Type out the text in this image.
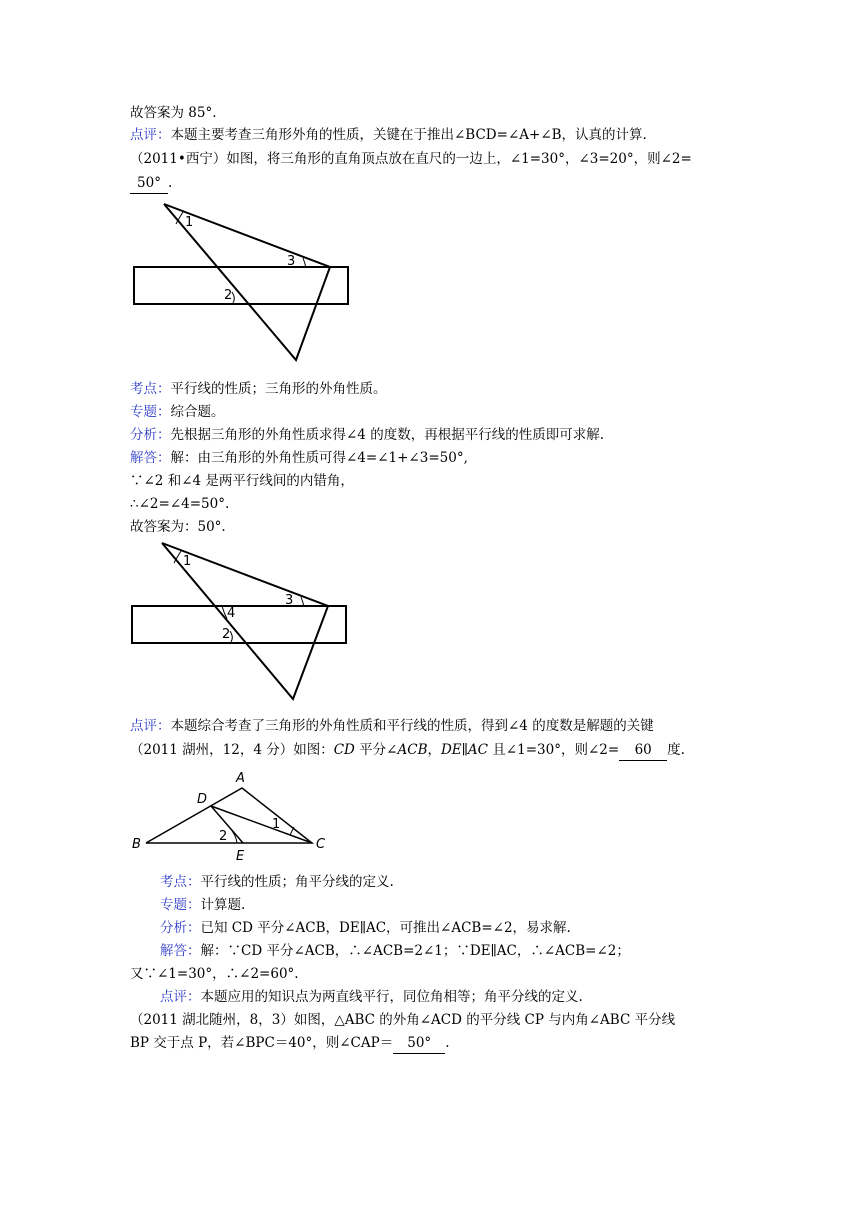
故答案为 85°.
点评：本题主要考查三角形外角的性质，关键在于推出∠BCD=∠A+∠B，认真的计算.
（2011•西宁）如图，将三角形的直角顶点放在直尺的一边上，∠1=30°，∠3=20°，则∠2=
50° .
1
3
2
考点：平行线的性质；三角形的外角性质。
专题：综合题。
分析：先根据三角形的外角性质求得∠4 的度数，再根据平行线的性质即可求解.
解答：解：由三角形的外角性质可得∠4=∠1+∠3=50°,
∵∠2 和∠4 是两平行线间的内错角，
∴∠2=∠4=50°.
故答案为：50°.
1
3
4
2
点评：本题综合考查了三角形的外角性质和平行线的性质，得到∠4 的度数是解题的关键
（2011 湖州，12，4 分）如图：CD 平分∠ACB，DE∥AC 且∠1=30°，则∠2= 60 度.
A
D
B	C
E
1
2
考点：平行线的性质；角平分线的定义.
专题：计算题.
分析：已知 CD 平分∠ACB，DE∥AC，可推出∠ACB=∠2，易求解.
解答：解：∵CD 平分∠ACB，∴∠ACB=2∠1；∵DE∥AC，∴∠ACB=∠2；
又∵∠1=30°，∴∠2=60°.
点评：本题应用的知识点为两直线平行，同位角相等；角平分线的定义.
（2011 湖北随州，8，3）如图，△ABC 的外角∠ACD 的平分线 CP 与内角∠ABC 平分线
BP 交于点 P，若∠BPC＝40°，则∠CAP＝ 50° .
